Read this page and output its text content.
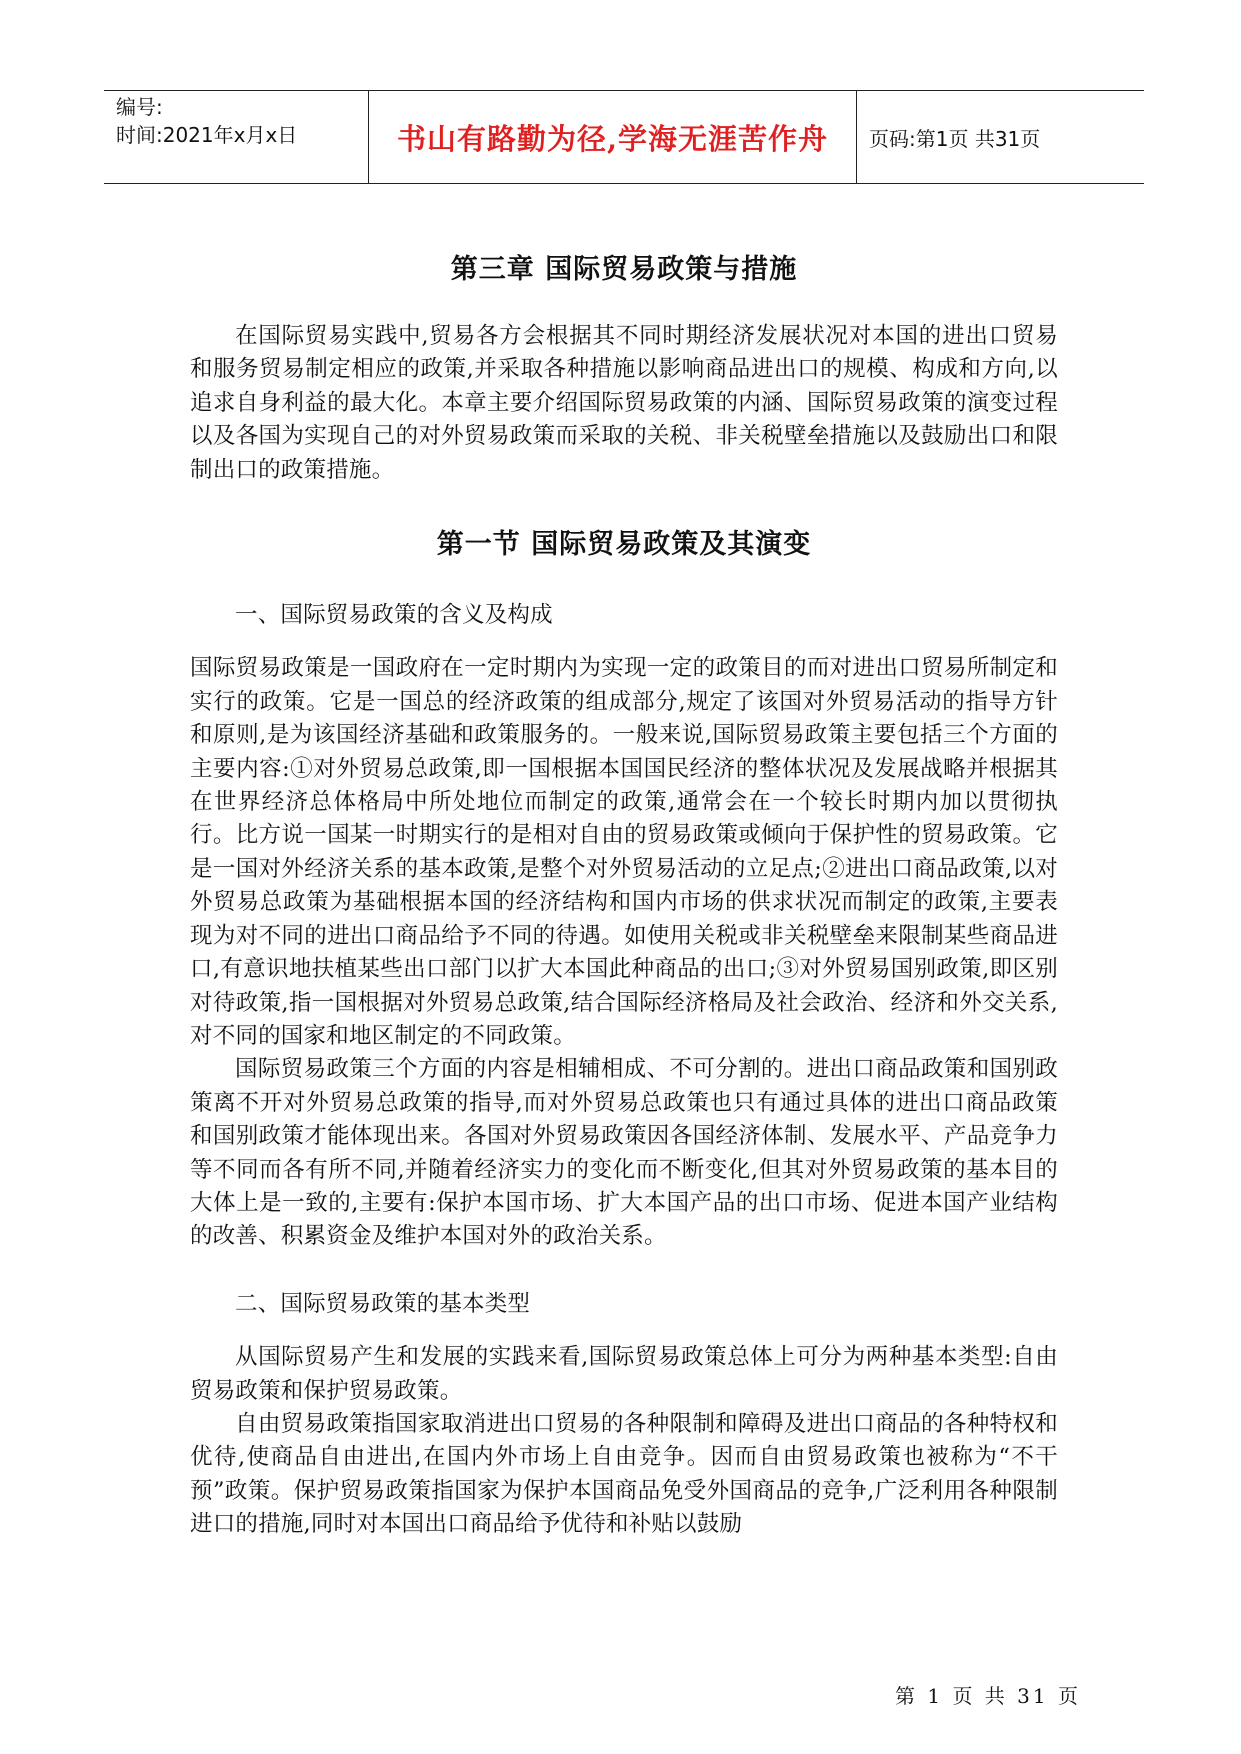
编号:
时间:2021年x月x日	书山有路勤为径,学海无涯苦作舟	页码:第1页 共31页
第三章 国际贸易政策与措施

在国际贸易实践中,贸易各方会根据其不同时期经济发展状况对本国的进出口贸易和服务贸易制定相应的政策,并采取各种措施以影响商品进出口的规模、构成和方向,以追求自身利益的最大化。本章主要介绍国际贸易政策的内涵、国际贸易政策的演变过程以及各国为实现自己的对外贸易政策而采取的关税、非关税壁垒措施以及鼓励出口和限制出口的政策措施。

第一节 国际贸易政策及其演变

一、国际贸易政策的含义及构成

国际贸易政策是一国政府在一定时期内为实现一定的政策目的而对进出口贸易所制定和实行的政策。它是一国总的经济政策的组成部分,规定了该国对外贸易活动的指导方针和原则,是为该国经济基础和政策服务的。一般来说,国际贸易政策主要包括三个方面的主要内容:①对外贸易总政策,即一国根据本国国民经济的整体状况及发展战略并根据其在世界经济总体格局中所处地位而制定的政策,通常会在一个较长时期内加以贯彻执行。比方说一国某一时期实行的是相对自由的贸易政策或倾向于保护性的贸易政策。它是一国对外经济关系的基本政策,是整个对外贸易活动的立足点;②进出口商品政策,以对外贸易总政策为基础根据本国的经济结构和国内市场的供求状况而制定的政策,主要表现为对不同的进出口商品给予不同的待遇。如使用关税或非关税壁垒来限制某些商品进口,有意识地扶植某些出口部门以扩大本国此种商品的出口;③对外贸易国别政策,即区别对待政策,指一国根据对外贸易总政策,结合国际经济格局及社会政治、经济和外交关系,对不同的国家和地区制定的不同政策。

国际贸易政策三个方面的内容是相辅相成、不可分割的。进出口商品政策和国别政策离不开对外贸易总政策的指导,而对外贸易总政策也只有通过具体的进出口商品政策和国别政策才能体现出来。各国对外贸易政策因各国经济体制、发展水平、产品竞争力等不同而各有所不同,并随着经济实力的变化而不断变化,但其对外贸易政策的基本目的大体上是一致的,主要有:保护本国市场、扩大本国产品的出口市场、促进本国产业结构的改善、积累资金及维护本国对外的政治关系。

二、国际贸易政策的基本类型

从国际贸易产生和发展的实践来看,国际贸易政策总体上可分为两种基本类型:自由贸易政策和保护贸易政策。

自由贸易政策指国家取消进出口贸易的各种限制和障碍及进出口商品的各种特权和优待,使商品自由进出,在国内外市场上自由竞争。因而自由贸易政策也被称为“不干预”政策。保护贸易政策指国家为保护本国商品免受外国商品的竞争,广泛利用各种限制进口的措施,同时对本国出口商品给予优待和补贴以鼓励

第 1 页 共 31 页
